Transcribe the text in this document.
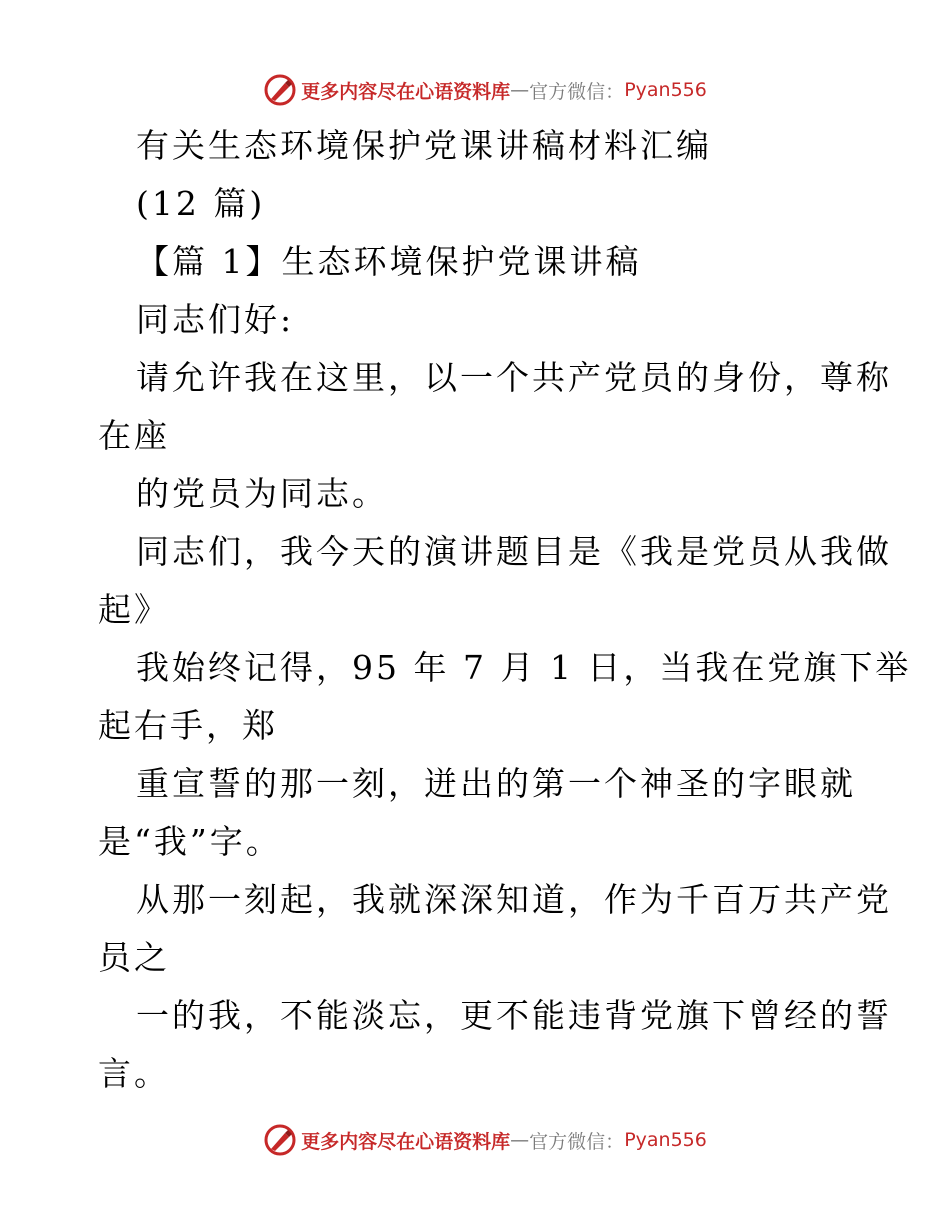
更多内容尽在心语资料库 — 官方微信： Pyan556
有关生态环境保护党课讲稿材料汇编
(12 篇)
【篇 1】生态环境保护党课讲稿
同志们好:
请允许我在这里，以一个共产党员的身份，尊称
在座
的党员为同志。
同志们，我今天的演讲题目是《我是党员从我做
起》
我始终记得，95 年 7 月 1 日，当我在党旗下举
起右手，郑
重宣誓的那一刻，迸出的第一个神圣的字眼就
是“我”字。
从那一刻起，我就深深知道，作为千百万共产党
员之
一的我，不能淡忘，更不能违背党旗下曾经的誓
言。
更多内容尽在心语资料库 — 官方微信： Pyan556
